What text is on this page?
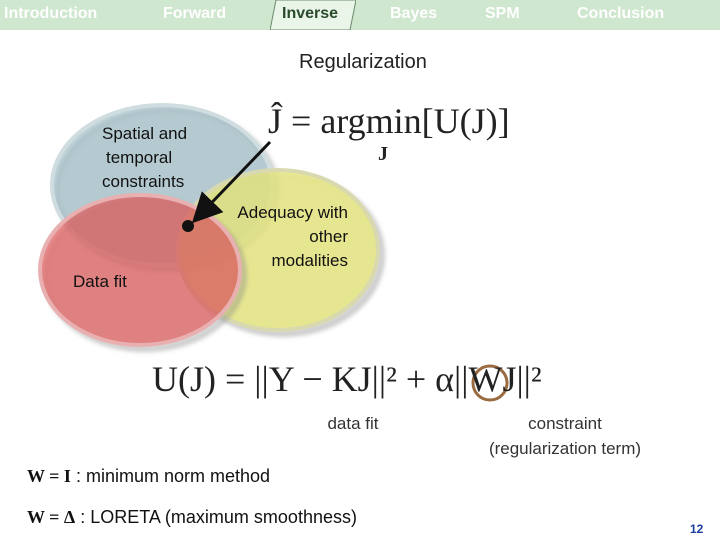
Introduction	Forward	Inverse	Bayes	SPM	Conclusion
Regularization
Spatial and
temporal
constraints
Adequacy with
other
modalities
Data fit
Ĵ = argmin[U(J)]
J
U(J) = ||Y − KJ||² + α||WJ||²
data fit	constraint
(regularization term)
W = I : minimum norm method
W = Δ : LORETA (maximum smoothness)
12
